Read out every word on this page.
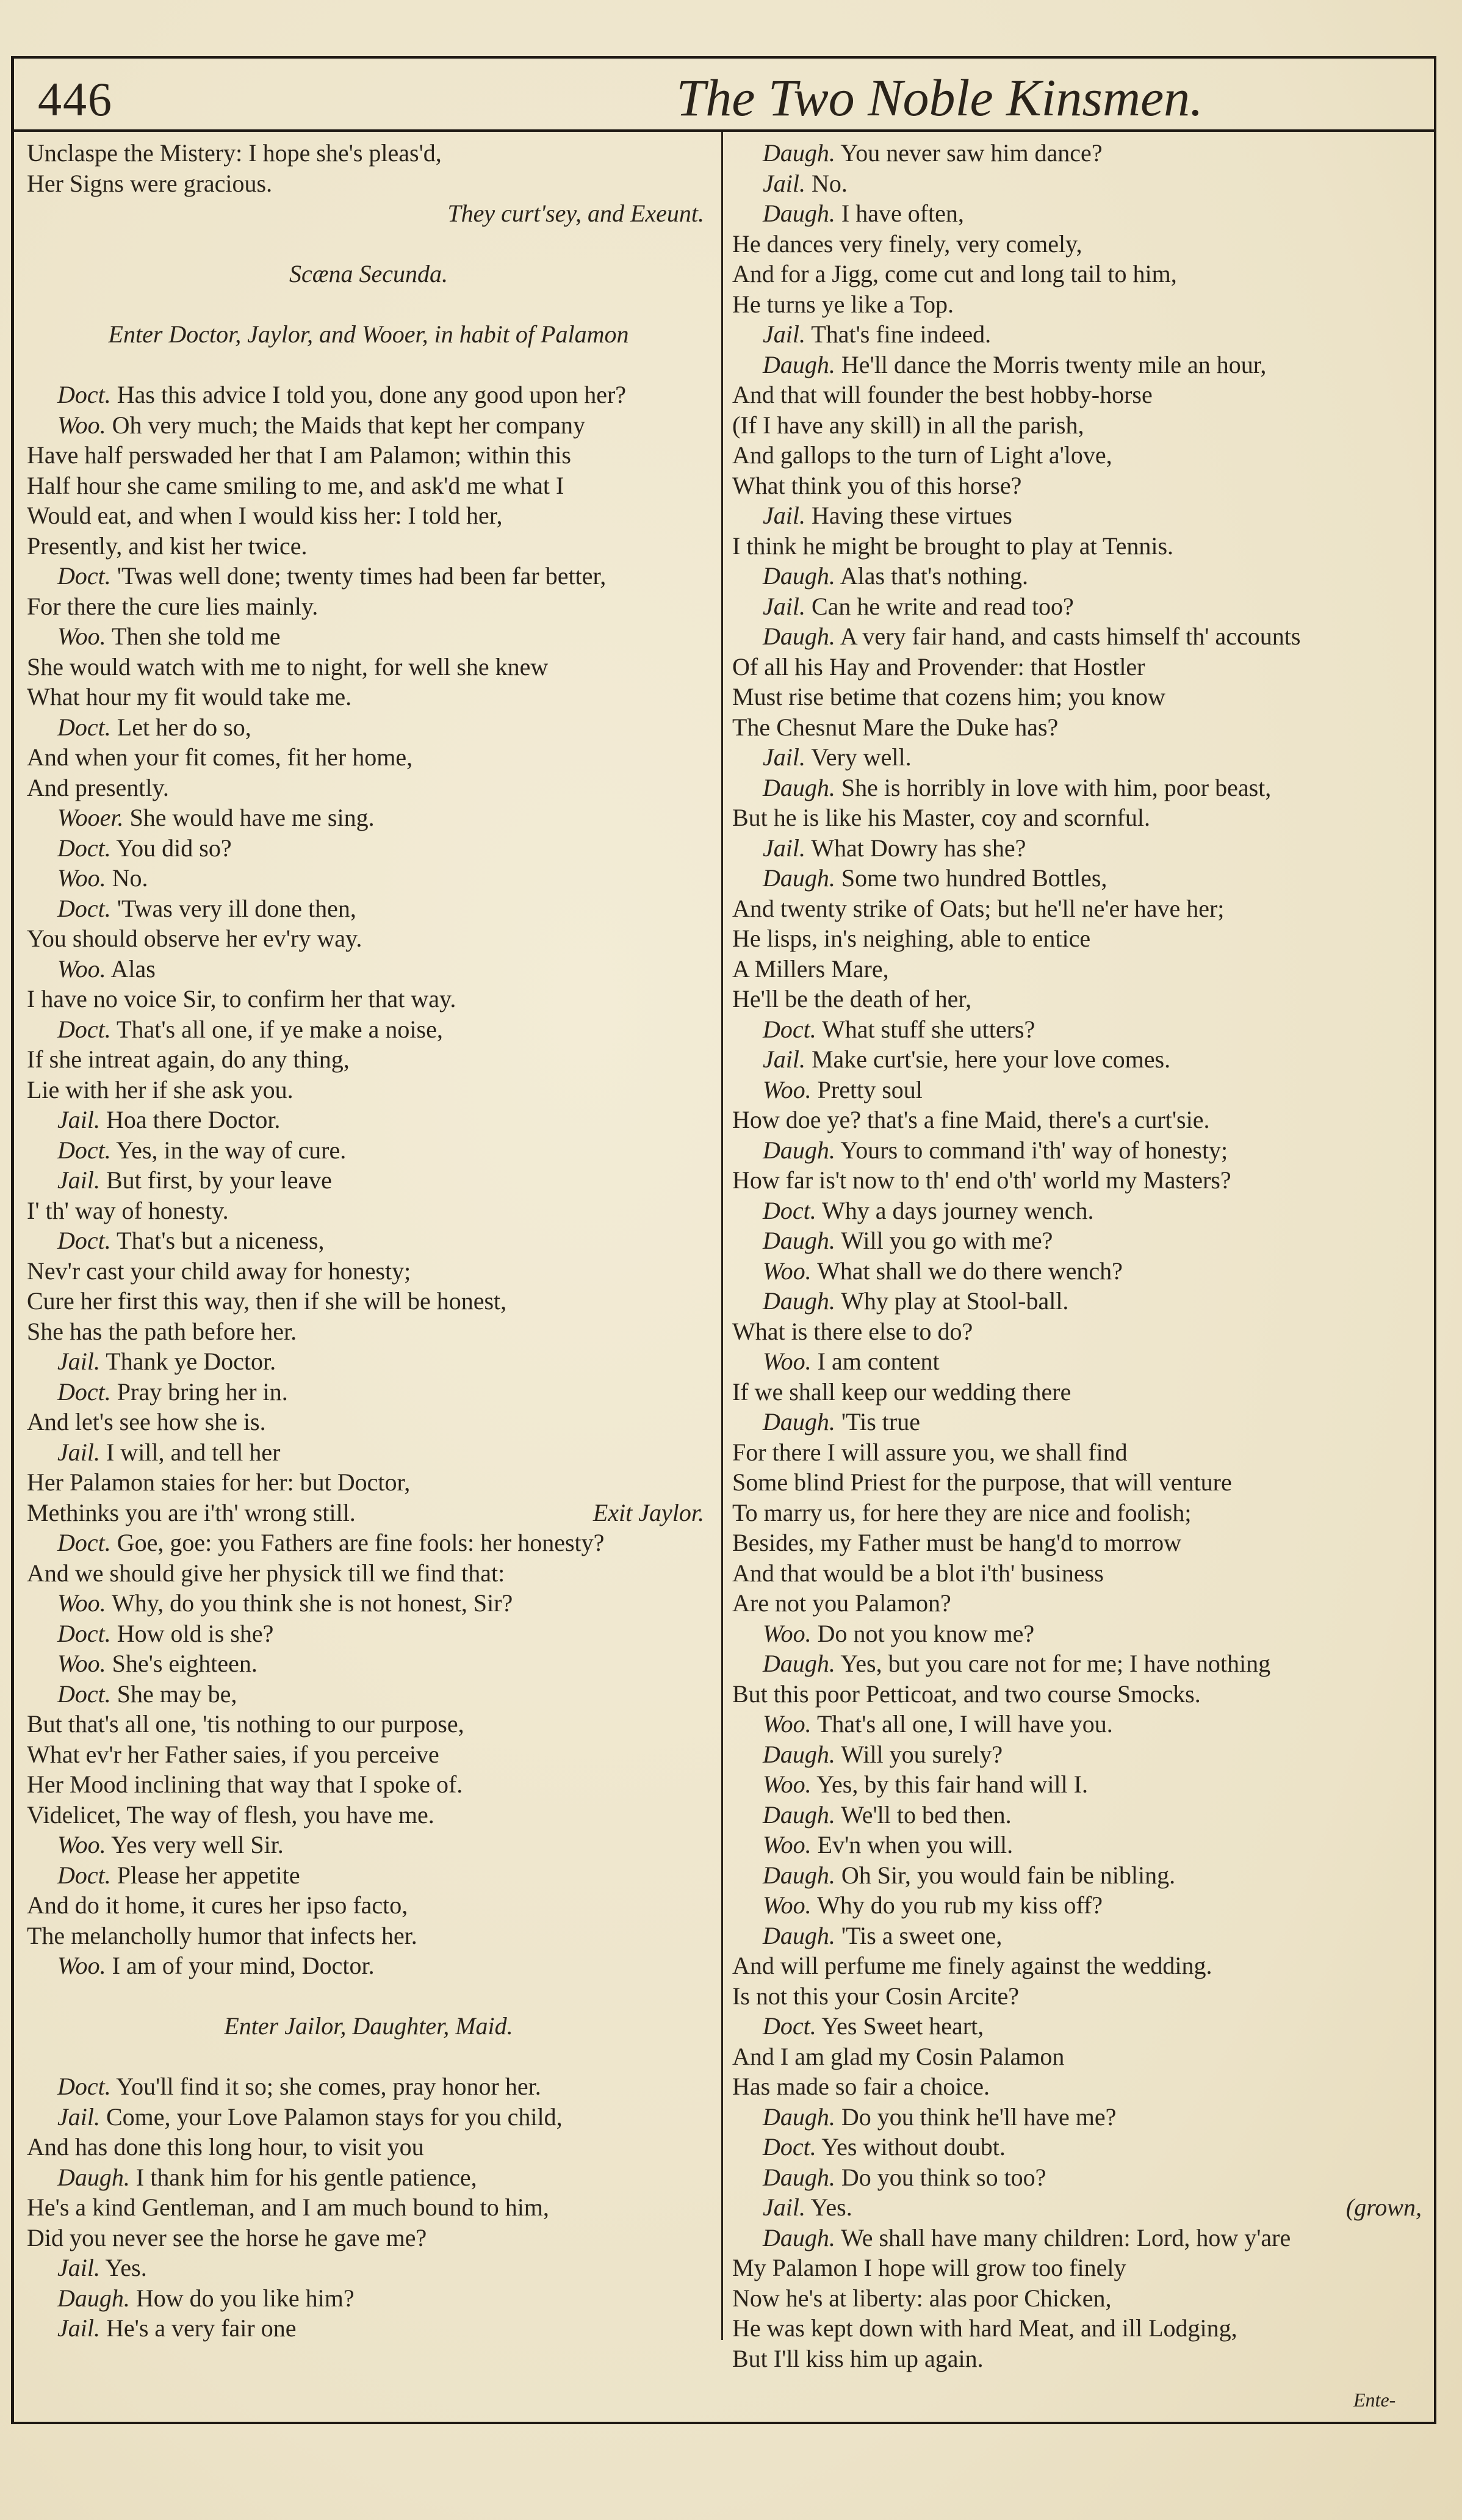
446	The Two Noble Kinsmen.
Unclaspe the Mistery: I hope she's pleas'd,
Her Signs were gracious.
They curt'sey, and Exeunt.
Scæna Secunda.
Enter Doctor, Jaylor, and Wooer, in habit of Palamon
Doct. Has this advice I told you, done any good upon her?
Woo. Oh very much; the Maids that kept her company
Have half perswaded her that I am Palamon; within this
Half hour she came smiling to me, and ask'd me what I
Would eat, and when I would kiss her: I told her,
Presently, and kist her twice.
Doct. 'Twas well done; twenty times had been far better,
For there the cure lies mainly.
Woo. Then she told me
She would watch with me to night, for well she knew
What hour my fit would take me.
Doct. Let her do so,
And when your fit comes, fit her home,
And presently.
Wooer. She would have me sing.
Doct. You did so?
Woo. No.
Doct. 'Twas very ill done then,
You should observe her ev'ry way.
Woo. Alas
I have no voice Sir, to confirm her that way.
Doct. That's all one, if ye make a noise,
If she intreat again, do any thing,
Lie with her if she ask you.
Jail. Hoa there Doctor.
Doct. Yes, in the way of cure.
Jail. But first, by your leave
I' th' way of honesty.
Doct. That's but a niceness,
Nev'r cast your child away for honesty;
Cure her first this way, then if she will be honest,
She has the path before her.
Jail. Thank ye Doctor.
Doct. Pray bring her in.
And let's see how she is.
Jail. I will, and tell her
Her Palamon staies for her: but Doctor,
Methinks you are i'th' wrong still.	Exit Jaylor.
Doct. Goe, goe: you Fathers are fine fools: her honesty?
And we should give her physick till we find that:
Woo. Why, do you think she is not honest, Sir?
Doct. How old is she?
Woo. She's eighteen.
Doct. She may be,
But that's all one, 'tis nothing to our purpose,
What ev'r her Father saies, if you perceive
Her Mood inclining that way that I spoke of.
Videlicet, The way of flesh, you have me.
Woo. Yes very well Sir.
Doct. Please her appetite
And do it home, it cures her ipso facto,
The melancholly humor that infects her.
Woo. I am of your mind, Doctor.
Enter Jailor, Daughter, Maid.
Doct. You'll find it so; she comes, pray honor her.
Jail. Come, your Love Palamon stays for you child,
And has done this long hour, to visit you
Daugh. I thank him for his gentle patience,
He's a kind Gentleman, and I am much bound to him,
Did you never see the horse he gave me?
Jail. Yes.
Daugh. How do you like him?
Jail. He's a very fair one
Daugh. You never saw him dance?
Jail. No.
Daugh. I have often,
He dances very finely, very comely,
And for a Jigg, come cut and long tail to him,
He turns ye like a Top.
Jail. That's fine indeed.
Daugh. He'll dance the Morris twenty mile an hour,
And that will founder the best hobby-horse
(If I have any skill) in all the parish,
And gallops to the turn of Light a'love,
What think you of this horse?
Jail. Having these virtues
I think he might be brought to play at Tennis.
Daugh. Alas that's nothing.
Jail. Can he write and read too?
Daugh. A very fair hand, and casts himself th' accounts
Of all his Hay and Provender: that Hostler
Must rise betime that cozens him; you know
The Chesnut Mare the Duke has?
Jail. Very well.
Daugh. She is horribly in love with him, poor beast,
But he is like his Master, coy and scornful.
Jail. What Dowry has she?
Daugh. Some two hundred Bottles,
And twenty strike of Oats; but he'll ne'er have her;
He lisps, in's neighing, able to entice
A Millers Mare,
He'll be the death of her,
Doct. What stuff she utters?
Jail. Make curt'sie, here your love comes.
Woo. Pretty soul
How doe ye? that's a fine Maid, there's a curt'sie.
Daugh. Yours to command i'th' way of honesty;
How far is't now to th' end o'th' world my Masters?
Doct. Why a days journey wench.
Daugh. Will you go with me?
Woo. What shall we do there wench?
Daugh. Why play at Stool-ball.
What is there else to do?
Woo. I am content
If we shall keep our wedding there
Daugh. 'Tis true
For there I will assure you, we shall find
Some blind Priest for the purpose, that will venture
To marry us, for here they are nice and foolish;
Besides, my Father must be hang'd to morrow
And that would be a blot i'th' business
Are not you Palamon?
Woo. Do not you know me?
Daugh. Yes, but you care not for me; I have nothing
But this poor Petticoat, and two course Smocks.
Woo. That's all one, I will have you.
Daugh. Will you surely?
Woo. Yes, by this fair hand will I.
Daugh. We'll to bed then.
Woo. Ev'n when you will.
Daugh. Oh Sir, you would fain be nibling.
Woo. Why do you rub my kiss off?
Daugh. 'Tis a sweet one,
And will perfume me finely against the wedding.
Is not this your Cosin Arcite?
Doct. Yes Sweet heart,
And I am glad my Cosin Palamon
Has made so fair a choice.
Daugh. Do you think he'll have me?
Doct. Yes without doubt.
Daugh. Do you think so too?
Jail. Yes.	(grown,
Daugh. We shall have many children: Lord, how y'are
My Palamon I hope will grow too finely
Now he's at liberty: alas poor Chicken,
He was kept down with hard Meat, and ill Lodging,
But I'll kiss him up again.
Ente-
